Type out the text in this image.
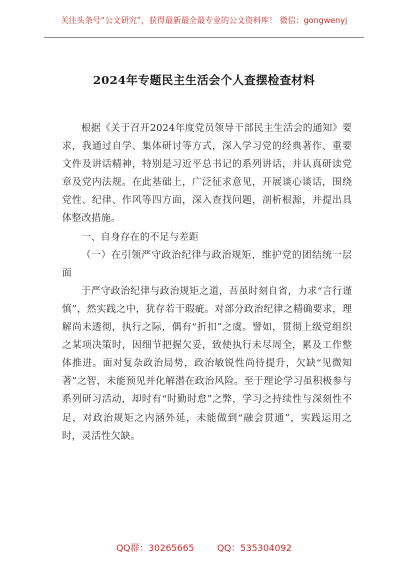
关注头条号“公文研究”，获得最新最全最专业的公文资料库！ 微信：gongwenyj
2024年专题民主生活会个人查摆检查材料

根据《关于召开2024年度党员领导干部民主生活会的通知》要求，我通过自学、集体研讨等方式，深入学习党的经典著作、重要文件及讲话精神，特别是习近平总书记的系列讲话，并认真研读党章及党内法规。在此基础上，广泛征求意见，开展谈心谈话，围绕党性、纪律、作风等四方面，深入查找问题，剖析根源，并提出具体整改措施。

一、自身存在的不足与差距

（一）在引领严守政治纪律与政治规矩，维护党的团结统一层面

于严守政治纪律与政治规矩之道，吾虽时刻自省，力求“言行谨慎”，然实践之中，犹存若干瑕疵。对部分政治纪律之精确要求，理解尚未透彻，执行之际，偶有“折扣”之虞。譬如，贯彻上级党组织之某项决策时，因细节把握欠妥，致使执行未尽周全，累及工作整体推进。面对复杂政治局势，政治敏锐性尚待提升，欠缺“见微知著”之智，未能预见并化解潜在政治风险。至于理论学习虽积极参与系列研习活动，却时有“时勤时怠”之弊，学习之持续性与深刻性不足，对政治规矩之内涵外延，未能做到“融会贯通”，实践运用之时，灵活性欠缺。

QQ群：30265665	QQ：535304092
